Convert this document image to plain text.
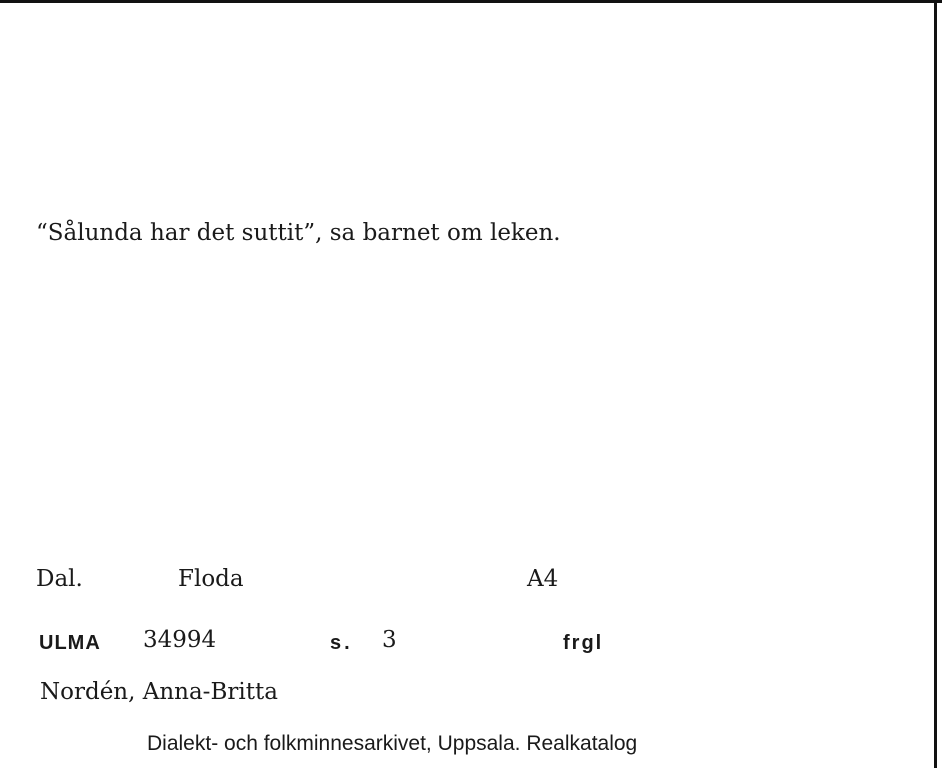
“Sålunda har det suttit”, sa barnet om leken.
Dal.	Floda	A4
ULMA 34994	s. 3	frgl
Nordén, Anna-Britta
Dialekt- och folkminnesarkivet, Uppsala. Realkatalog
